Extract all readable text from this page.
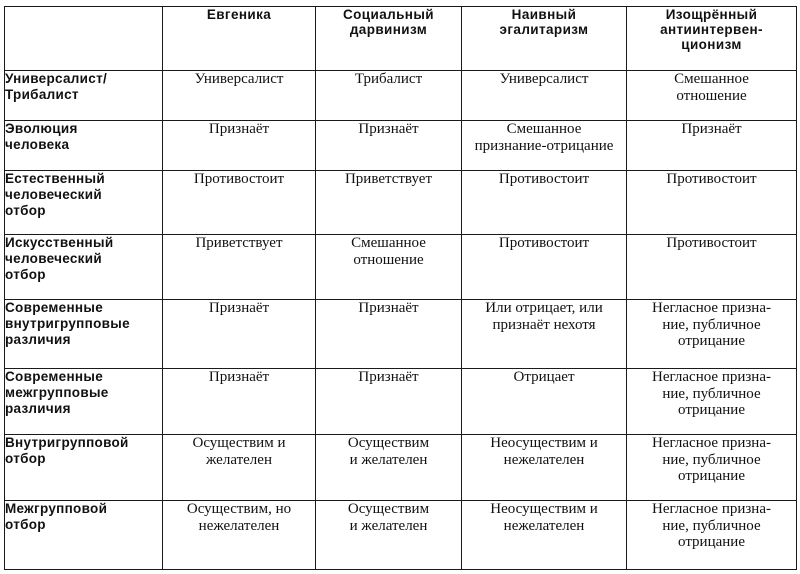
	Евгеника	Социальный
дарвинизм	Наивный
эгалитаризм	Изощрённый
антиинтервен-
ционизм
Универсалист/
Трибалист	Универсалист	Трибалист	Универсалист	Смешанное
отношение
Эволюция
человека	Признаёт	Признаёт	Смешанное
признание-отрицание	Признаёт
Естественный
человеческий
отбор	Противостоит	Приветствует	Противостоит	Противостоит
Искусственный
человеческий
отбор	Приветствует	Смешанное
отношение	Противостоит	Противостоит
Современные
внутригрупповые
различия	Признаёт	Признаёт	Или отрицает, или
признаёт нехотя	Негласное призна-
ние, публичное
отрицание
Современные
межгрупповые
различия	Признаёт	Признаёт	Отрицает	Негласное призна-
ние, публичное
отрицание
Внутригрупповой
отбор	Осуществим и
желателен	Осуществим
и желателен	Неосуществим и
нежелателен	Негласное призна-
ние, публичное
отрицание
Межгрупповой
отбор	Осуществим, но
нежелателен	Осуществим
и желателен	Неосуществим и
нежелателен	Негласное призна-
ние, публичное
отрицание
